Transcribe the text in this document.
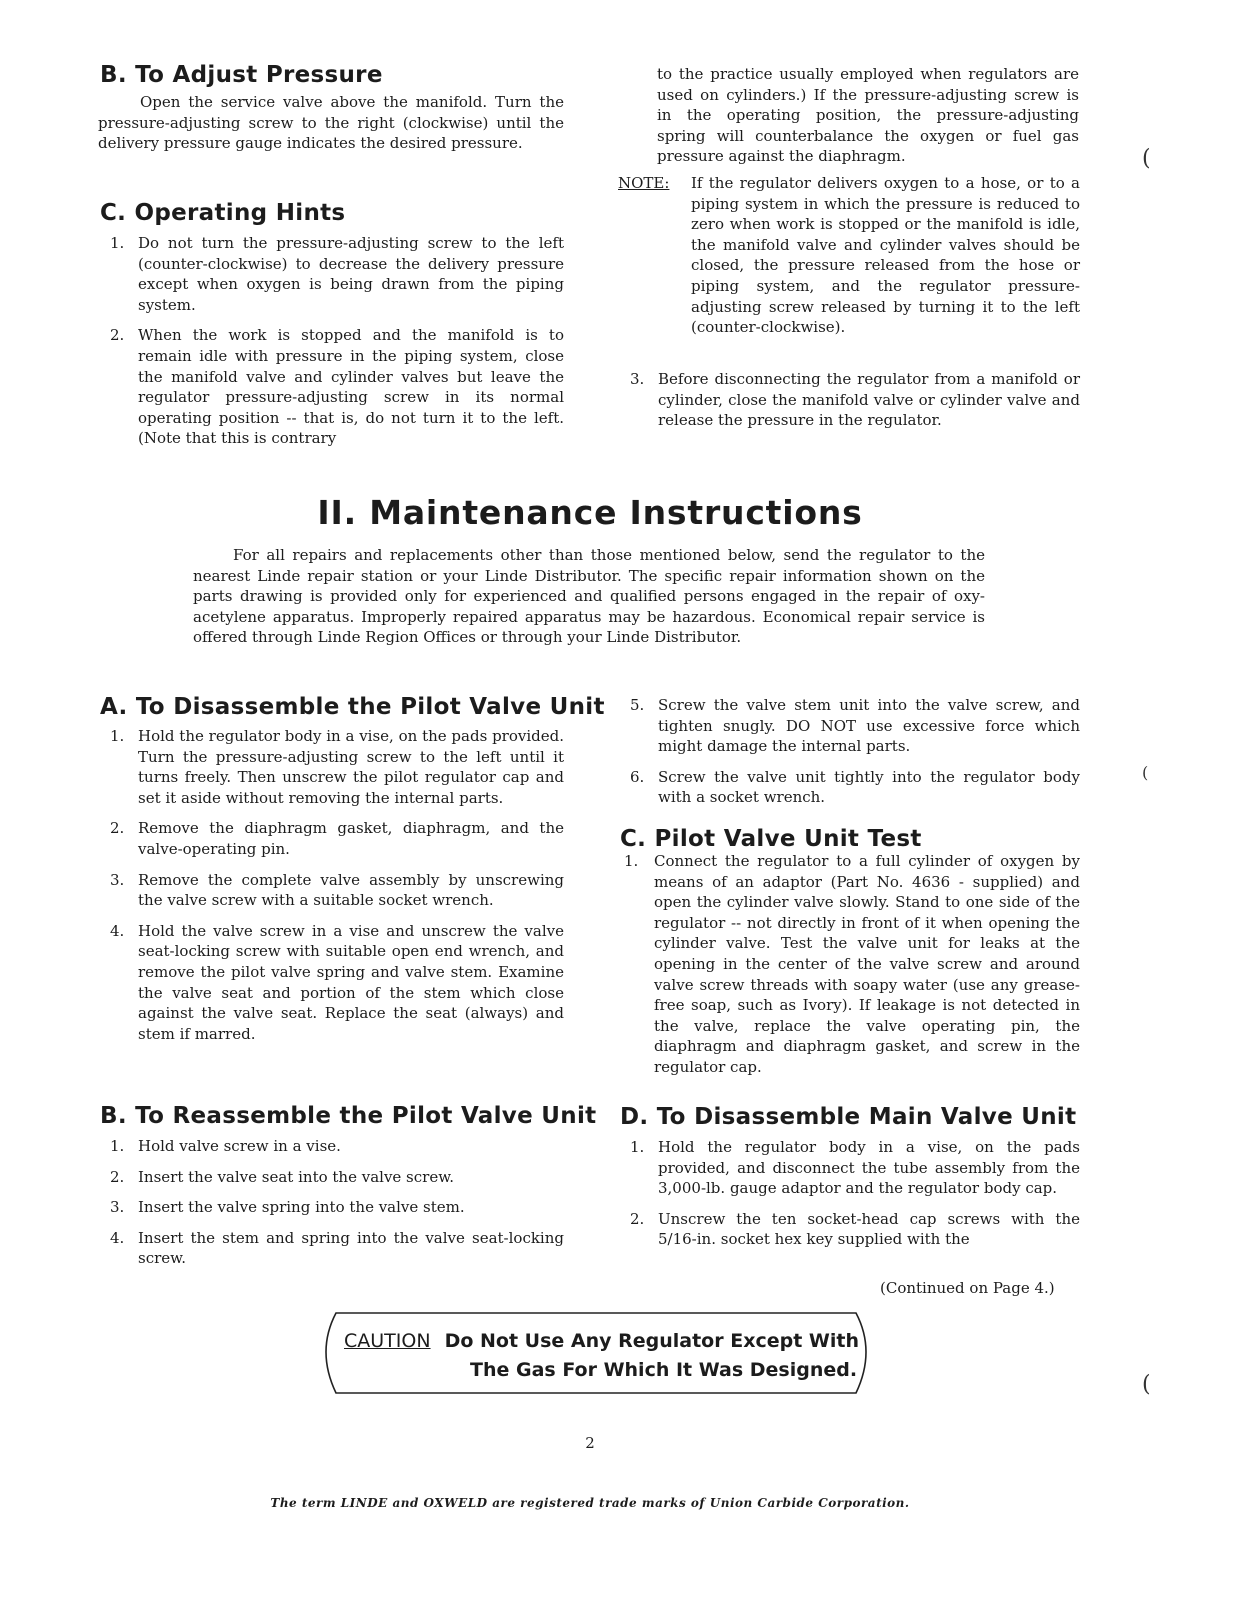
B. To Adjust Pressure

Open the service valve above the manifold. Turn the pressure-adjusting screw to the right (clockwise) until the delivery pressure gauge indicates the desired pressure.

C. Operating Hints
1. Do not turn the pressure-adjusting screw to the left (counter-clockwise) to decrease the delivery pressure except when oxygen is being drawn from the piping system.
2. When the work is stopped and the manifold is to remain idle with pressure in the piping system, close the manifold valve and cylinder valves but leave the regulator pressure-adjusting screw in its normal operating position -- that is, do not turn it to the left. (Note that this is contrary

to the practice usually employed when regulators are used on cylinders.) If the pressure-adjusting screw is in the operating position, the pressure-adjusting spring will counterbalance the oxygen or fuel gas pressure against the diaphragm.

NOTE: If the regulator delivers oxygen to a hose, or to a piping system in which the pressure is reduced to zero when work is stopped or the manifold is idle, the manifold valve and cylinder valves should be closed, the pressure released from the hose or piping system, and the regulator pressure-adjusting screw released by turning it to the left (counter-clockwise).
3. Before disconnecting the regulator from a manifold or cylinder, close the manifold valve or cylinder valve and release the pressure in the regulator.
II. Maintenance Instructions

For all repairs and replacements other than those mentioned below, send the regulator to the nearest Linde repair station or your Linde Distributor. The specific repair information shown on the parts drawing is provided only for experienced and qualified persons engaged in the repair of oxy-acetylene apparatus. Improperly repaired apparatus may be hazardous. Economical repair service is offered through Linde Region Offices or through your Linde Distributor.

A. To Disassemble the Pilot Valve Unit
1. Hold the regulator body in a vise, on the pads provided. Turn the pressure-adjusting screw to the left until it turns freely. Then unscrew the pilot regulator cap and set it aside without removing the internal parts.
2. Remove the diaphragm gasket, diaphragm, and the valve-operating pin.
3. Remove the complete valve assembly by unscrewing the valve screw with a suitable socket wrench.
4. Hold the valve screw in a vise and unscrew the valve seat-locking screw with suitable open end wrench, and remove the pilot valve spring and valve stem. Examine the valve seat and portion of the stem which close against the valve seat. Replace the seat (always) and stem if marred.
B. To Reassemble the Pilot Valve Unit
1. Hold valve screw in a vise.
2. Insert the valve seat into the valve screw.
3. Insert the valve spring into the valve stem.
4. Insert the stem and spring into the valve seat-locking screw.
5. Screw the valve stem unit into the valve screw, and tighten snugly. DO NOT use excessive force which might damage the internal parts.
6. Screw the valve unit tightly into the regulator body with a socket wrench.
C. Pilot Valve Unit Test
1. Connect the regulator to a full cylinder of oxygen by means of an adaptor (Part No. 4636 - supplied) and open the cylinder valve slowly. Stand to one side of the regulator -- not directly in front of it when opening the cylinder valve. Test the valve unit for leaks at the opening in the center of the valve screw and around valve screw threads with soapy water (use any grease-free soap, such as Ivory). If leakage is not detected in the valve, replace the valve operating pin, the diaphragm and diaphragm gasket, and screw in the regulator cap.
D. To Disassemble Main Valve Unit
1. Hold the regulator body in a vise, on the pads provided, and disconnect the tube assembly from the 3,000-lb. gauge adaptor and the regulator body cap.
2. Unscrew the ten socket-head cap screws with the 5/16-in. socket hex key supplied with the
(Continued on Page 4.)
CAUTION Do Not Use Any Regulator Except With
The Gas For Which It Was Designed.
(
(
(
2
The term LINDE and OXWELD are registered trade marks of Union Carbide Corporation.
